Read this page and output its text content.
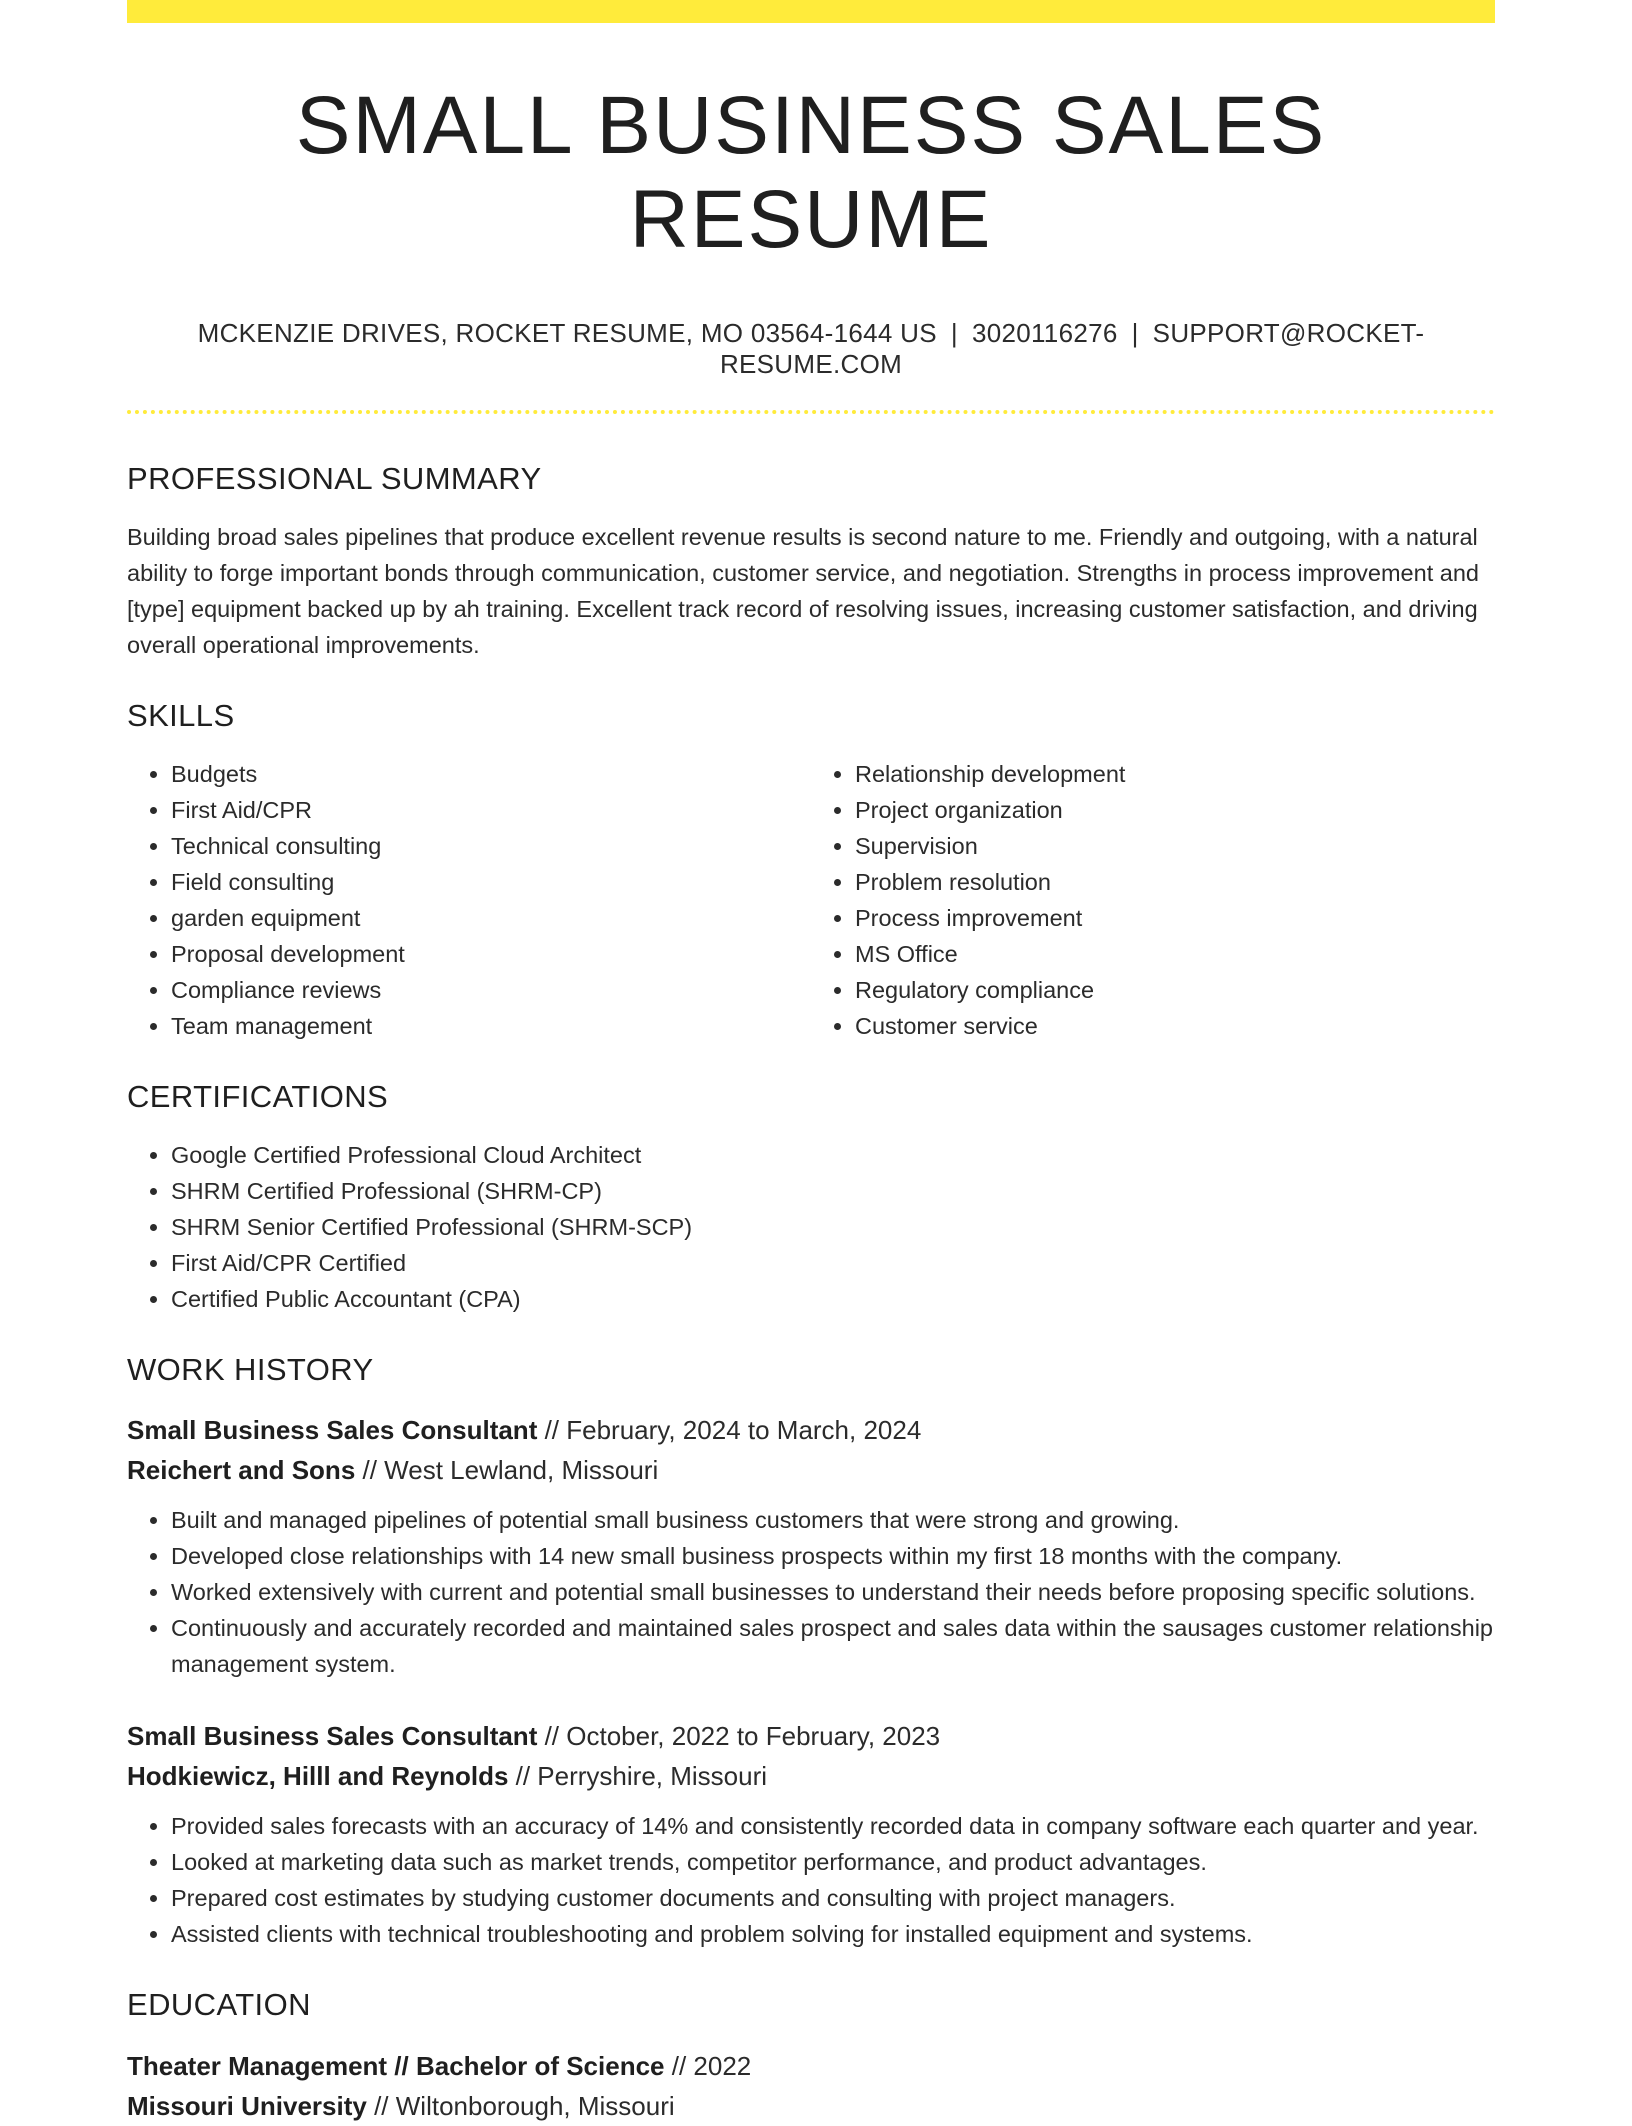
SMALL BUSINESS SALES RESUME
MCKENZIE DRIVES, ROCKET RESUME, MO 03564-1644 US | 3020116276 | SUPPORT@ROCKET-RESUME.COM
PROFESSIONAL SUMMARY

Building broad sales pipelines that produce excellent revenue results is second nature to me. Friendly and outgoing, with a natural ability to forge important bonds through communication, customer service, and negotiation. Strengths in process improvement and [type] equipment backed up by ah training. Excellent track record of resolving issues, increasing customer satisfaction, and driving overall operational improvements.

SKILLS
• Budgets
• First Aid/CPR
• Technical consulting
• Field consulting
• garden equipment
• Proposal development
• Compliance reviews
• Team management
• Relationship development
• Project organization
• Supervision
• Problem resolution
• Process improvement
• MS Office
• Regulatory compliance
• Customer service
CERTIFICATIONS
• Google Certified Professional Cloud Architect
• SHRM Certified Professional (SHRM-CP)
• SHRM Senior Certified Professional (SHRM-SCP)
• First Aid/CPR Certified
• Certified Public Accountant (CPA)
WORK HISTORY
Small Business Sales Consultant // February, 2024 to March, 2024
Reichert and Sons // West Lewland, Missouri
• Built and managed pipelines of potential small business customers that were strong and growing.
• Developed close relationships with 14 new small business prospects within my first 18 months with the company.
• Worked extensively with current and potential small businesses to understand their needs before proposing specific solutions.
• Continuously and accurately recorded and maintained sales prospect and sales data within the sausages customer relationship management system.
Small Business Sales Consultant // October, 2022 to February, 2023
Hodkiewicz, Hilll and Reynolds // Perryshire, Missouri
• Provided sales forecasts with an accuracy of 14% and consistently recorded data in company software each quarter and year.
• Looked at marketing data such as market trends, competitor performance, and product advantages.
• Prepared cost estimates by studying customer documents and consulting with project managers.
• Assisted clients with technical troubleshooting and problem solving for installed equipment and systems.
EDUCATION
Theater Management // Bachelor of Science // 2022
Missouri University // Wiltonborough, Missouri
